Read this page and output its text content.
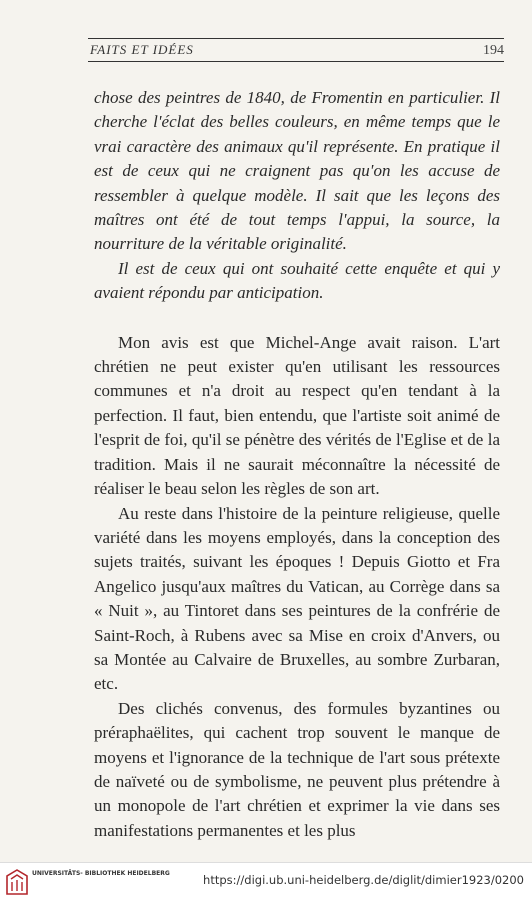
FAITS ET IDÉES	194

chose des peintres de 1840, de Fromentin en particulier. Il cherche l'éclat des belles couleurs, en même temps que le vrai caractère des animaux qu'il représente. En pratique il est de ceux qui ne craignent pas qu'on les accuse de ressembler à quelque modèle. Il sait que les leçons des maîtres ont été de tout temps l'appui, la source, la nourriture de la véritable originalité.

Il est de ceux qui ont souhaité cette enquête et qui y avaient répondu par anticipation.

Mon avis est que Michel-Ange avait raison. L'art chrétien ne peut exister qu'en utilisant les ressources communes et n'a droit au respect qu'en tendant à la perfection. Il faut, bien entendu, que l'artiste soit animé de l'esprit de foi, qu'il se pénètre des vérités de l'Eglise et de la tradition. Mais il ne saurait méconnaître la nécessité de réaliser le beau selon les règles de son art.

Au reste dans l'histoire de la peinture religieuse, quelle variété dans les moyens employés, dans la conception des sujets traités, suivant les époques ! Depuis Giotto et Fra Angelico jusqu'aux maîtres du Vatican, au Corrège dans sa « Nuit », au Tintoret dans ses peintures de la confrérie de Saint-Roch, à Rubens avec sa Mise en croix d'Anvers, ou sa Montée au Calvaire de Bruxelles, au sombre Zurbaran, etc.

Des clichés convenus, des formules byzantines ou préraphaëlites, qui cachent trop souvent le manque de moyens et l'ignorance de la technique de l'art sous prétexte de naïveté ou de symbolisme, ne peuvent plus prétendre à un monopole de l'art chrétien et exprimer la vie dans ses manifestations permanentes et les plus

UNIVERSITÄTS- BIBLIOTHEK HEIDELBERG	https://digi.ub.uni-heidelberg.de/diglit/dimier1923/0200
